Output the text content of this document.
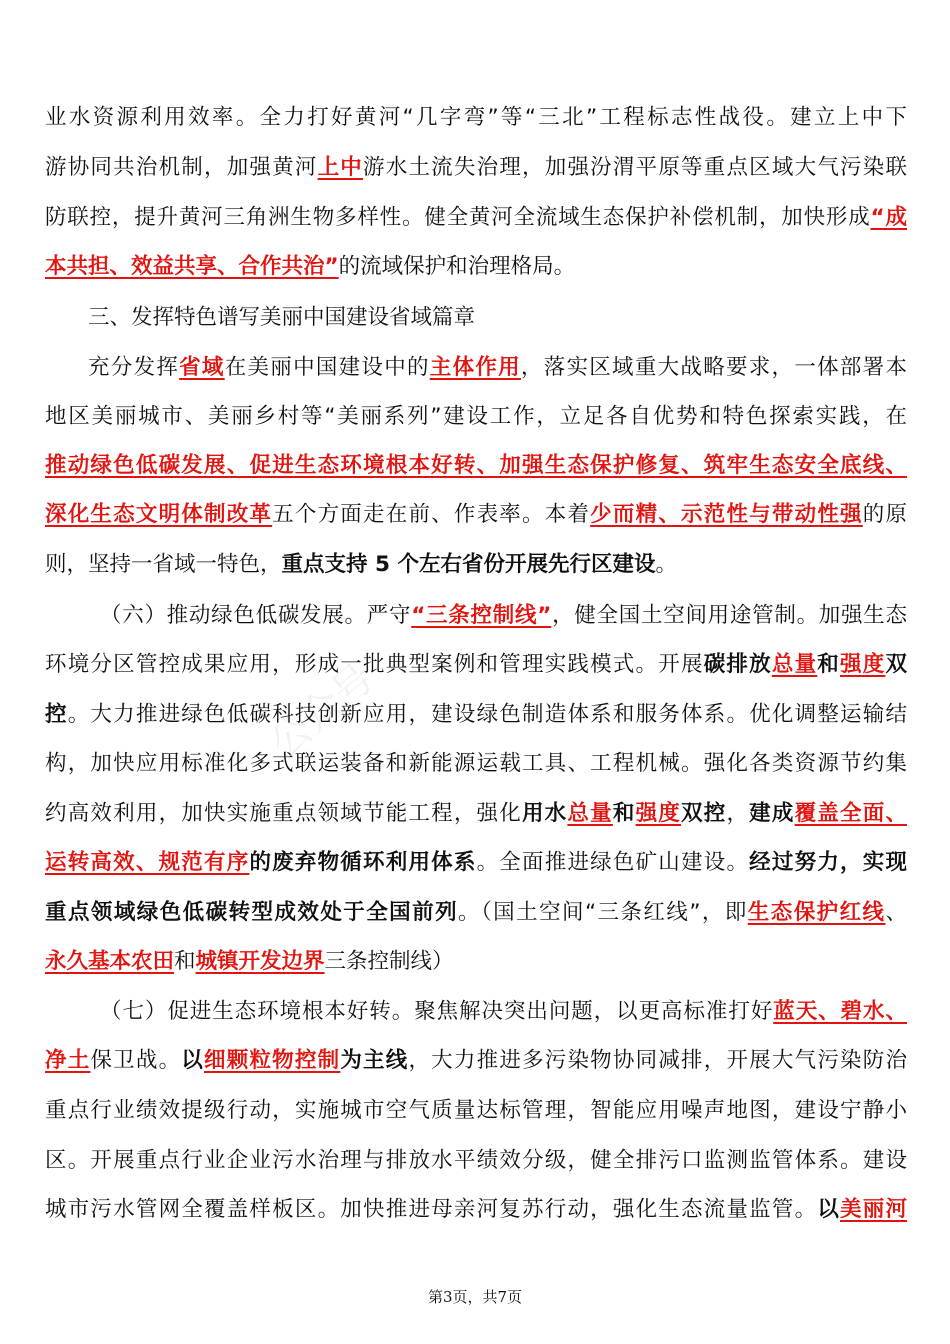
公众号
业水资源利用效率。全力打好黄河“几字弯”等“三北”工程标志性战役。建立上中下
游协同共治机制，加强黄河上中游水土流失治理，加强汾渭平原等重点区域大气污染联
防联控，提升黄河三角洲生物多样性。健全黄河全流域生态保护补偿机制，加快形成“成
本共担、效益共享、合作共治”的流域保护和治理格局。
三、发挥特色谱写美丽中国建设省域篇章
充分发挥省域在美丽中国建设中的主体作用，落实区域重大战略要求，一体部署本
地区美丽城市、美丽乡村等“美丽系列”建设工作，立足各自优势和特色探索实践，在
推动绿色低碳发展、促进生态环境根本好转、加强生态保护修复、筑牢生态安全底线、
深化生态文明体制改革五个方面走在前、作表率。本着少而精、示范性与带动性强的原
则，坚持一省域一特色，重点支持 5 个左右省份开展先行区建设。
（六）推动绿色低碳发展。严守“三条控制线”，健全国土空间用途管制。加强生态
环境分区管控成果应用，形成一批典型案例和管理实践模式。开展碳排放总量和强度双
控。大力推进绿色低碳科技创新应用，建设绿色制造体系和服务体系。优化调整运输结
构，加快应用标准化多式联运装备和新能源运载工具、工程机械。强化各类资源节约集
约高效利用，加快实施重点领域节能工程，强化用水总量和强度双控，建成覆盖全面、
运转高效、规范有序的废弃物循环利用体系。全面推进绿色矿山建设。经过努力，实现
重点领域绿色低碳转型成效处于全国前列。（国土空间“三条红线”，即生态保护红线、
永久基本农田和城镇开发边界三条控制线）
（七）促进生态环境根本好转。聚焦解决突出问题，以更高标准打好蓝天、碧水、
净土保卫战。以细颗粒物控制为主线，大力推进多污染物协同减排，开展大气污染防治
重点行业绩效提级行动，实施城市空气质量达标管理，智能应用噪声地图，建设宁静小
区。开展重点行业企业污水治理与排放水平绩效分级，健全排污口监测监管体系。建设
城市污水管网全覆盖样板区。加快推进母亲河复苏行动，强化生态流量监管。以美丽河
第3页，共7页
